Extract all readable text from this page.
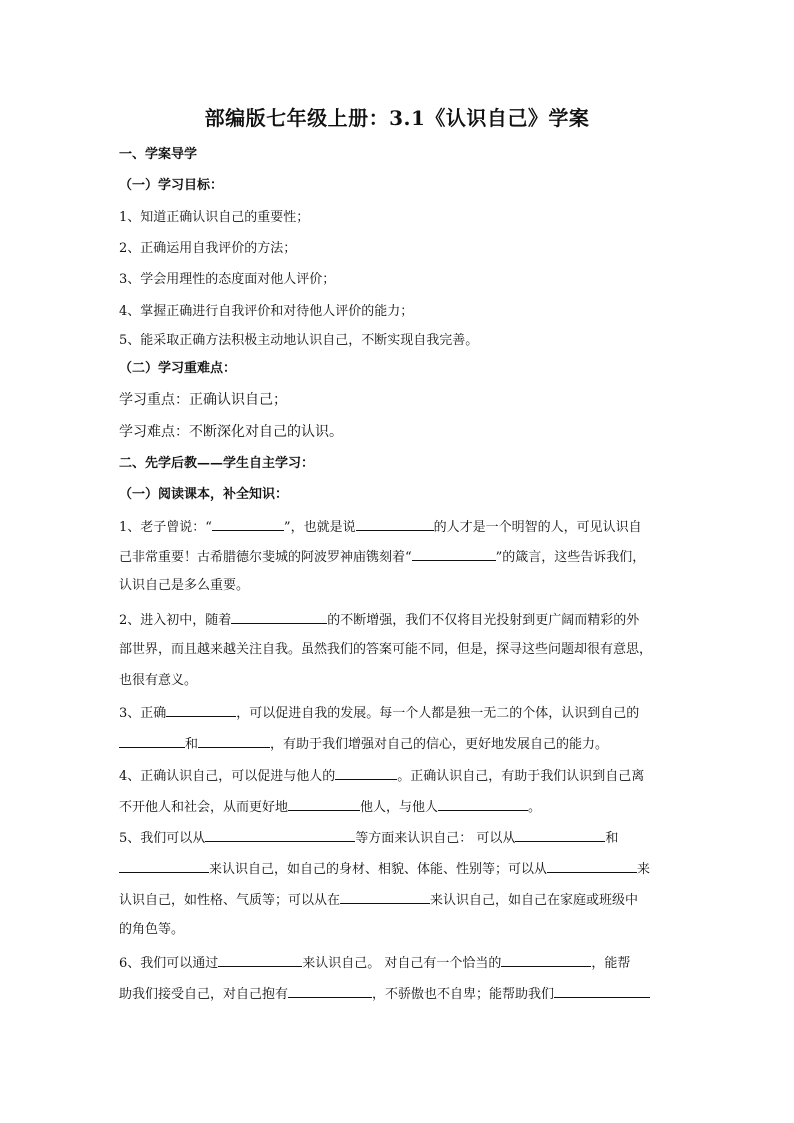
部编版七年级上册：3.1《认识自己》学案
一、学案导学
（一）学习目标：
1、知道正确认识自己的重要性；
2、正确运用自我评价的方法；
3、学会用理性的态度面对他人评价；
4、掌握正确进行自我评价和对待他人评价的能力；
5、能采取正确方法积极主动地认识自己，不断实现自我完善。
（二）学习重难点：
学习重点：正确认识自己；
学习难点：不断深化对自己的认识。
二、先学后教——学生自主学习：
（一）阅读课本，补全知识：
1、老子曾说：“	”，也就是说	的人才是一个明智的人，可见认识自
己非常重要！古希腊德尔斐城的阿波罗神庙镌刻着“	”的箴言，这些告诉我们，
认识自己是多么重要。
2、进入初中，随着	的不断增强，我们不仅将目光投射到更广阔而精彩的外
部世界，而且越来越关注自我。虽然我们的答案可能不同，但是，探寻这些问题却很有意思，
也很有意义。
3、正确	，可以促进自我的发展。每一个人都是独一无二的个体，认识到自己的
和	，有助于我们增强对自己的信心，更好地发展自己的能力。
4、正确认识自己，可以促进与他人的	。正确认识自己，有助于我们认识到自己离
不开他人和社会，从而更好地	他人，与他人	。
5、我们可以从	等方面来认识自己： 可以从	和
来认识自己，如自己的身材、相貌、体能、性别等；可以从	来
认识自己，如性格、气质等；可以从在	来认识自己，如自己在家庭或班级中
的角色等。
6、我们可以通过	来认识自己。 对自己有一个恰当的	，能帮
助我们接受自己，对自己抱有	，不骄傲也不自卑；能帮助我们
